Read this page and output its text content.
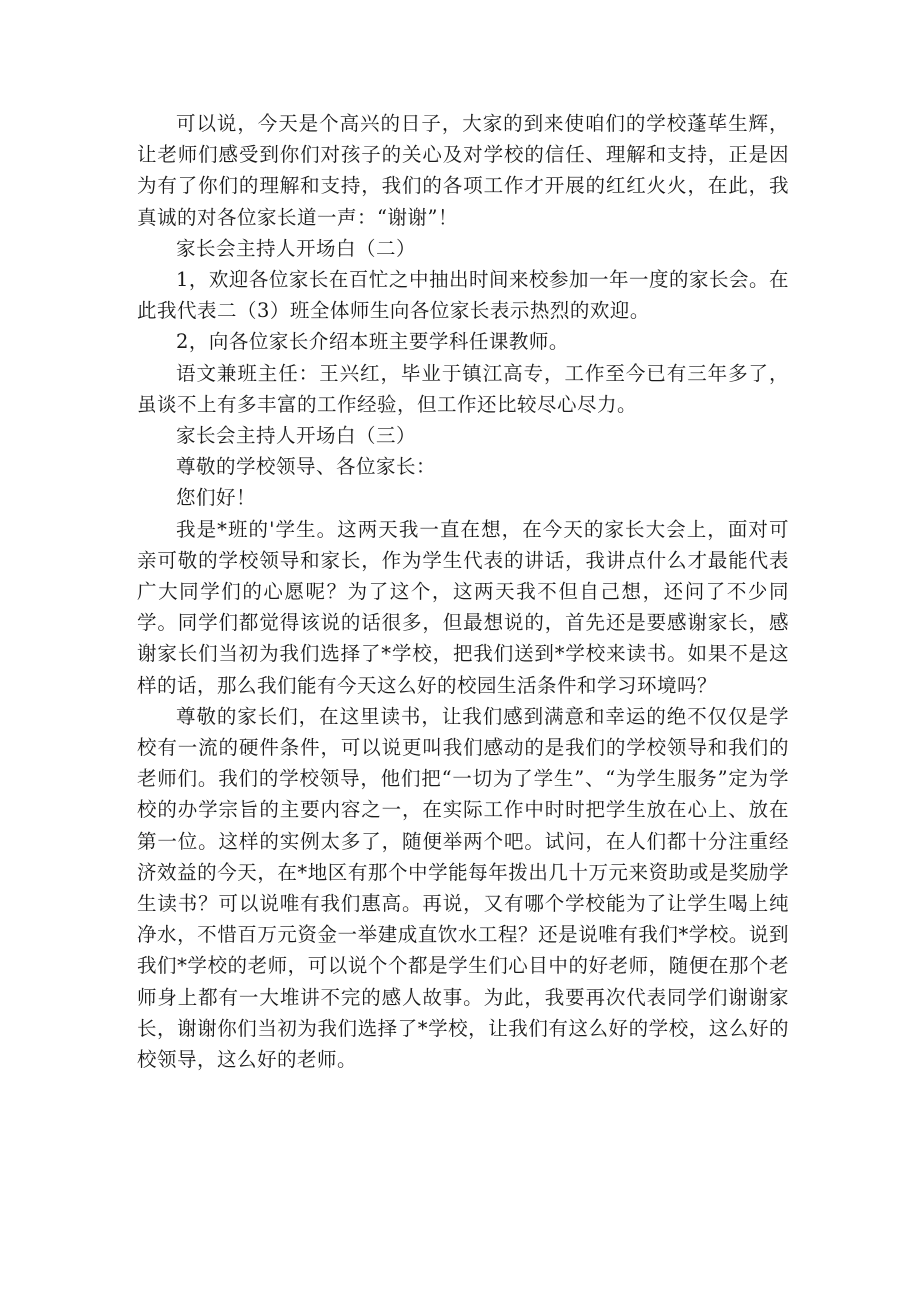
可以说，今天是个高兴的日子，大家的到来使咱们的学校蓬荜生辉，让老师们感受到你们对孩子的关心及对学校的信任、理解和支持，正是因为有了你们的理解和支持，我们的各项工作才开展的红红火火，在此，我真诚的对各位家长道一声：“谢谢”！

家长会主持人开场白（二）

1，欢迎各位家长在百忙之中抽出时间来校参加一年一度的家长会。在此我代表二（3）班全体师生向各位家长表示热烈的欢迎。

2，向各位家长介绍本班主要学科任课教师。

语文兼班主任：王兴红，毕业于镇江高专，工作至今已有三年多了，虽谈不上有多丰富的工作经验，但工作还比较尽心尽力。

家长会主持人开场白（三）

尊敬的学校领导、各位家长：

您们好！

我是*班的'学生。这两天我一直在想，在今天的家长大会上，面对可亲可敬的学校领导和家长，作为学生代表的讲话，我讲点什么才最能代表广大同学们的心愿呢？为了这个，这两天我不但自己想，还问了不少同学。同学们都觉得该说的话很多，但最想说的，首先还是要感谢家长，感谢家长们当初为我们选择了*学校，把我们送到*学校来读书。如果不是这样的话，那么我们能有今天这么好的校园生活条件和学习环境吗？

尊敬的家长们，在这里读书，让我们感到满意和幸运的绝不仅仅是学校有一流的硬件条件，可以说更叫我们感动的是我们的学校领导和我们的老师们。我们的学校领导，他们把“一切为了学生”、“为学生服务”定为学校的办学宗旨的主要内容之一，在实际工作中时时把学生放在心上、放在第一位。这样的实例太多了，随便举两个吧。试问，在人们都十分注重经济效益的今天，在*地区有那个中学能每年拨出几十万元来资助或是奖励学生读书？可以说唯有我们惠高。再说，又有哪个学校能为了让学生喝上纯净水，不惜百万元资金一举建成直饮水工程？还是说唯有我们*学校。说到我们*学校的老师，可以说个个都是学生们心目中的好老师，随便在那个老师身上都有一大堆讲不完的感人故事。为此，我要再次代表同学们谢谢家长，谢谢你们当初为我们选择了*学校，让我们有这么好的学校，这么好的校领导，这么好的老师。
